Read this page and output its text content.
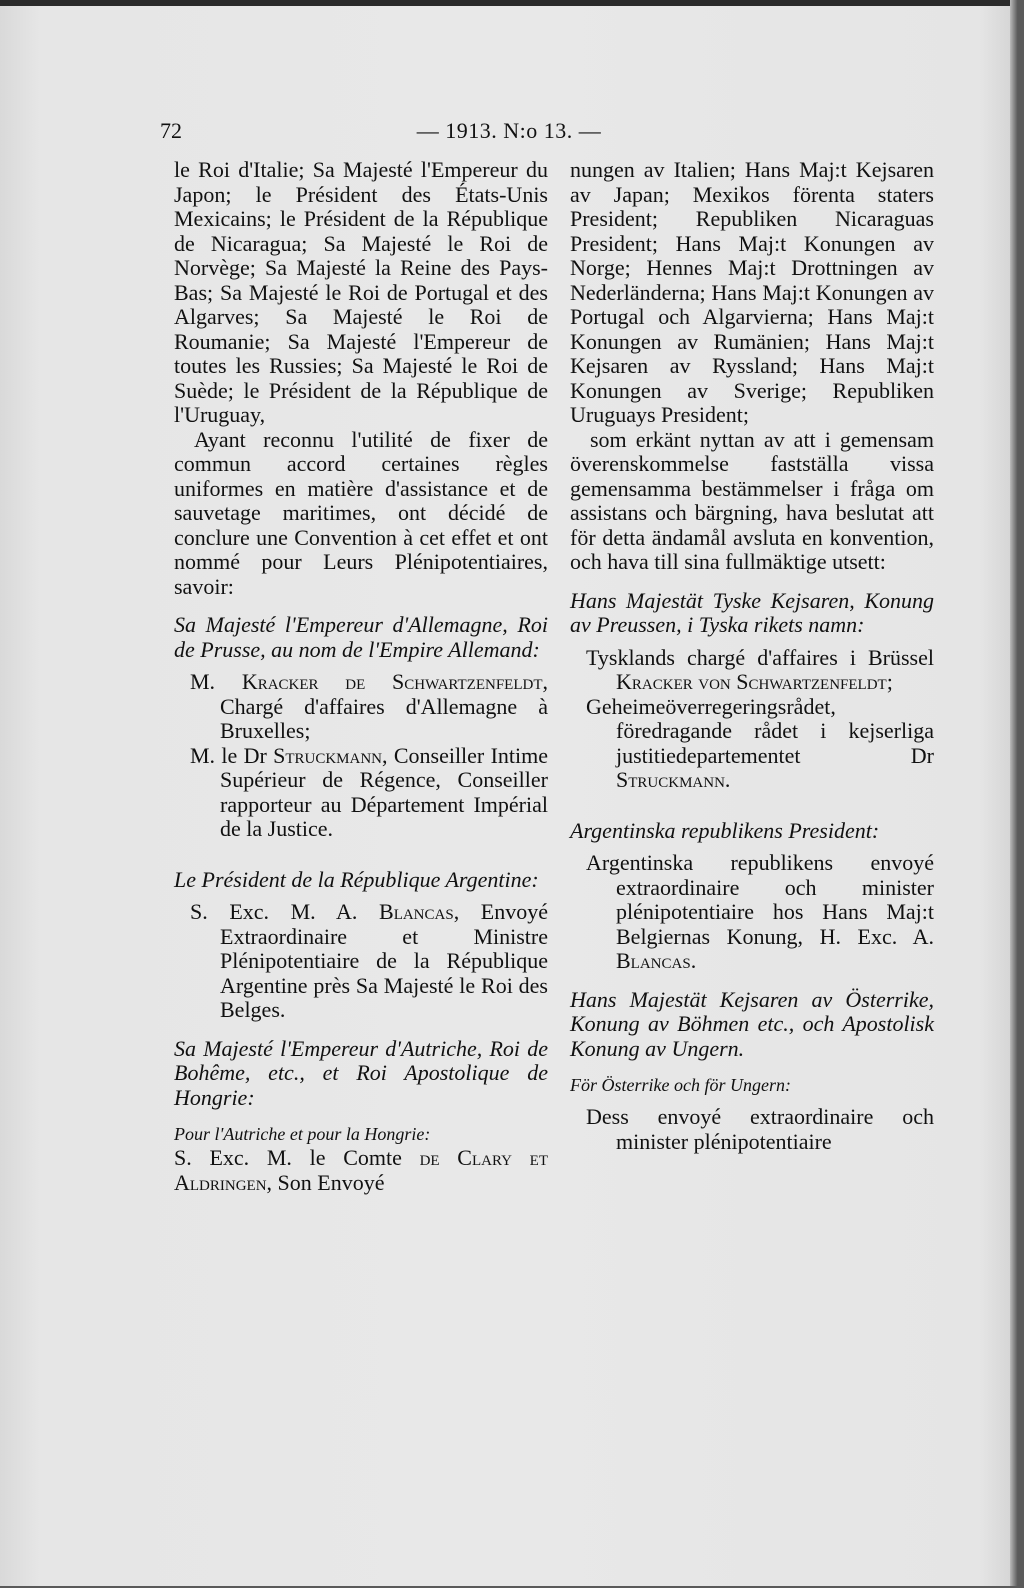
72	— 1913. N:o 13. —

le Roi d'Italie; Sa Majesté l'Empereur du Japon; le Président des États-Unis Mexicains; le Président de la République de Nicaragua; Sa Majesté le Roi de Norvège; Sa Majesté la Reine des Pays-Bas; Sa Majesté le Roi de Portugal et des Algarves; Sa Majesté le Roi de Roumanie; Sa Majesté l'Empereur de toutes les Russies; Sa Majesté le Roi de Suède; le Président de la République de l'Uruguay,

Ayant reconnu l'utilité de fixer de commun accord certaines règles uniformes en matière d'assistance et de sauvetage maritimes, ont décidé de conclure une Convention à cet effet et ont nommé pour Leurs Plénipotentiaires, savoir:

Sa Majesté l'Empereur d'Allemagne, Roi de Prusse, au nom de l'Empire Allemand:

M. Kracker de Schwartzenfeldt, Chargé d'affaires d'Allemagne à Bruxelles;

M. le Dr Struckmann, Conseiller Intime Supérieur de Régence, Conseiller rapporteur au Département Impérial de la Justice.

Le Président de la République Argentine:

S. Exc. M. A. Blancas, Envoyé Extraordinaire et Ministre Plénipotentiaire de la République Argentine près Sa Majesté le Roi des Belges.

Sa Majesté l'Empereur d'Autriche, Roi de Bohême, etc., et Roi Apostolique de Hongrie:

Pour l'Autriche et pour la Hongrie:

S. Exc. M. le Comte de Clary et Aldringen, Son Envoyé

nungen av Italien; Hans Maj:t Kejsaren av Japan; Mexikos förenta staters President; Republiken Nicaraguas President; Hans Maj:t Konungen av Norge; Hennes Maj:t Drottningen av Nederländerna; Hans Maj:t Konungen av Portugal och Algarvierna; Hans Maj:t Konungen av Rumänien; Hans Maj:t Kejsaren av Ryssland; Hans Maj:t Konungen av Sverige; Republiken Uruguays President;

som erkänt nyttan av att i gemensam överenskommelse fastställa vissa gemensamma bestämmelser i fråga om assistans och bärgning, hava beslutat att för detta ändamål avsluta en konvention, och hava till sina fullmäktige utsett:

Hans Majestät Tyske Kejsaren, Konung av Preussen, i Tyska rikets namn:

Tysklands chargé d'affaires i Brüssel Kracker von Schwartzenfeldt;

Geheimeöverregeringsrådet, föredragande rådet i kejserliga justitiedepartementet Dr Struckmann.

Argentinska republikens President:

Argentinska republikens envoyé extraordinaire och minister plénipotentiaire hos Hans Maj:t Belgiernas Konung, H. Exc. A. Blancas.

Hans Majestät Kejsaren av Österrike, Konung av Böhmen etc., och Apostolisk Konung av Ungern.

För Österrike och för Ungern:

Dess envoyé extraordinaire och minister plénipotentiaire
